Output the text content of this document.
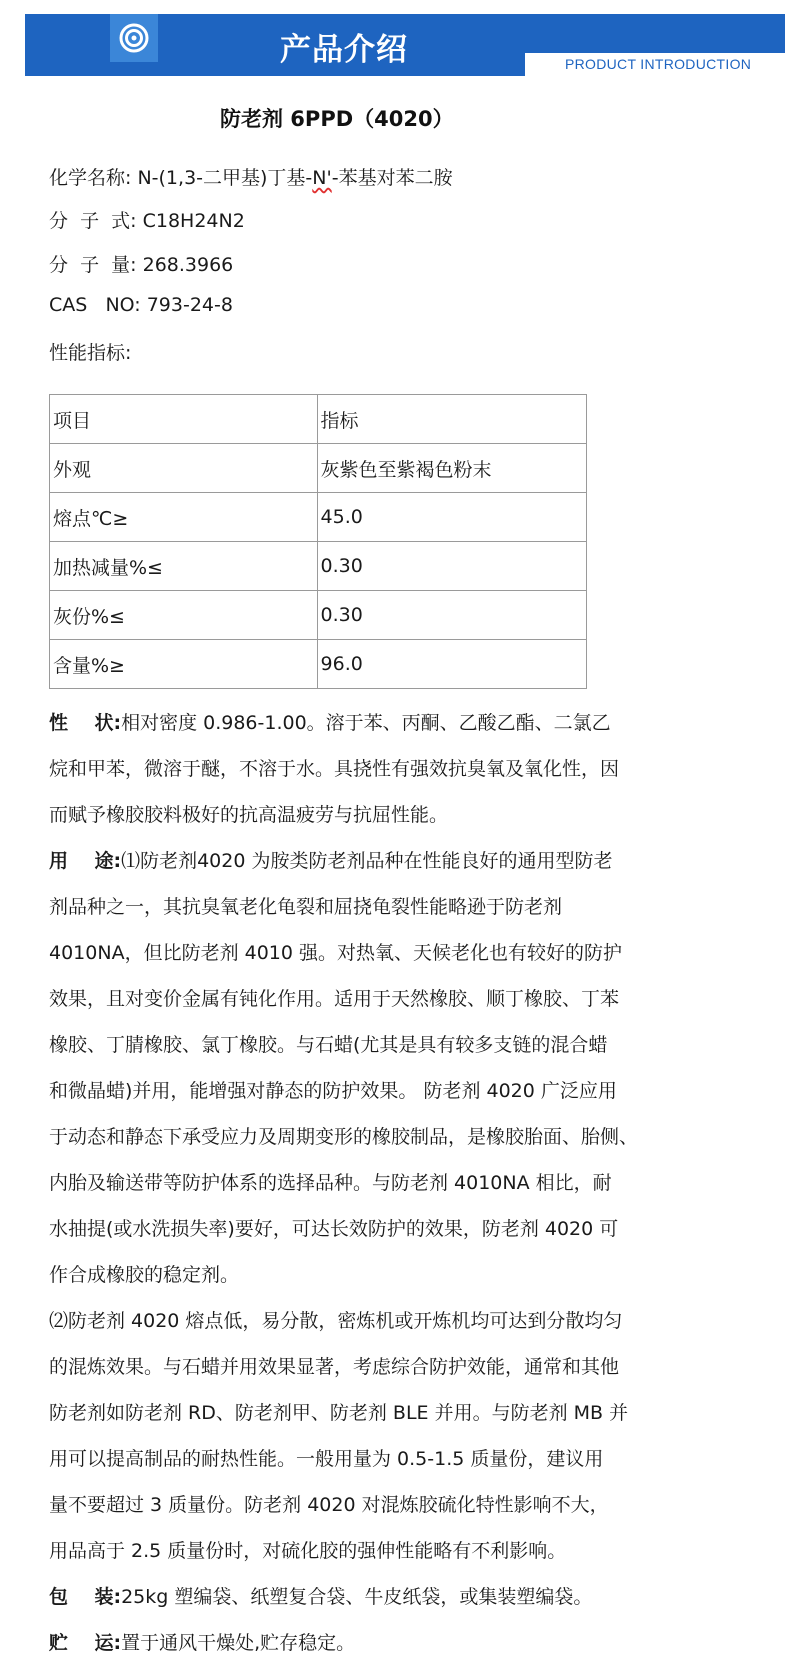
产品介绍	PRODUCT INTRODUCTION
防老剂 6PPD（4020）
化学名称: N-(1,3-二甲基)丁基-N'-苯基对苯二胺
分  子  式: C18H24N2
分  子  量: 268.3966
CAS   NO: 793-24-8
性能指标:
项目	指标
外观	灰紫色至紫褐色粉末
熔点℃≥	45.0
加热减量%≤	0.30
灰份%≤	0.30
含量%≥	96.0
性    状:相对密度 0.986-1.00。溶于苯、丙酮、乙酸乙酯、二氯乙
烷和甲苯，微溶于醚，不溶于水。具挠性有强效抗臭氧及氧化性，因
而赋予橡胶胶料极好的抗高温疲劳与抗屈性能。
用    途:⑴防老剂4020 为胺类防老剂品种在性能良好的通用型防老
剂品种之一，其抗臭氧老化龟裂和屈挠龟裂性能略逊于防老剂
4010NA，但比防老剂 4010 强。对热氧、天候老化也有较好的防护
效果，且对变价金属有钝化作用。适用于天然橡胶、顺丁橡胶、丁苯
橡胶、丁腈橡胶、氯丁橡胶。与石蜡(尤其是具有较多支链的混合蜡
和微晶蜡)并用，能增强对静态的防护效果。 防老剂 4020 广泛应用
于动态和静态下承受应力及周期变形的橡胶制品，是橡胶胎面、胎侧、
内胎及输送带等防护体系的选择品种。与防老剂 4010NA 相比，耐
水抽提(或水洗损失率)要好，可达长效防护的效果，防老剂 4020 可
作合成橡胶的稳定剂。
⑵防老剂 4020 熔点低，易分散，密炼机或开炼机均可达到分散均匀
的混炼效果。与石蜡并用效果显著，考虑综合防护效能，通常和其他
防老剂如防老剂 RD、防老剂甲、防老剂 BLE 并用。与防老剂 MB 并
用可以提高制品的耐热性能。一般用量为 0.5-1.5 质量份，建议用
量不要超过 3 质量份。防老剂 4020 对混炼胶硫化特性影响不大，
用品高于 2.5 质量份时，对硫化胶的强伸性能略有不利影响。
包    装:25kg 塑编袋、纸塑复合袋、牛皮纸袋，或集装塑编袋。
贮    运:置于通风干燥处,贮存稳定。
